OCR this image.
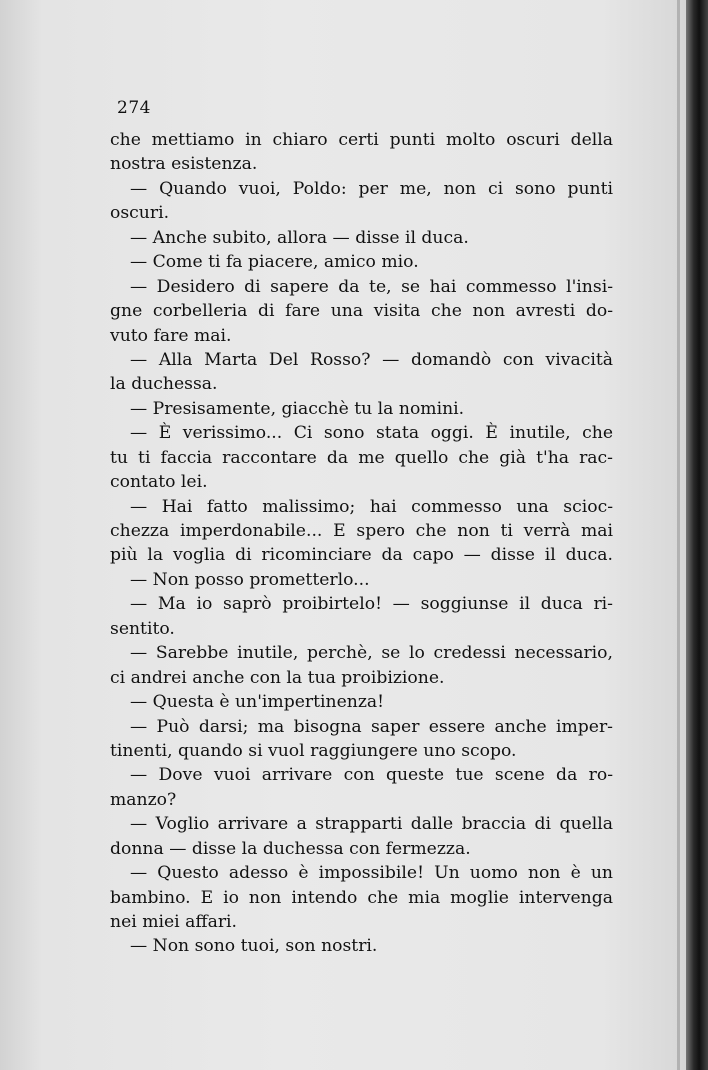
274
che mettiamo in chiaro certi punti molto oscuri della
nostra esistenza.
— Quando vuoi, Poldo: per me, non ci sono punti
oscuri.
— Anche subito, allora — disse il duca.
— Come ti fa piacere, amico mio.
— Desidero di sapere da te, se hai commesso l'insi-
gne corbelleria di fare una visita che non avresti do-
vuto fare mai.
— Alla Marta Del Rosso? — domandò con vivacità
la duchessa.
— Presisamente, giacchè tu la nomini.
— È verissimo... Ci sono stata oggi. È inutile, che
tu ti faccia raccontare da me quello che già t'ha rac-
contato lei.
— Hai fatto malissimo; hai commesso una scioc-
chezza imperdonabile... E spero che non ti verrà mai
più la voglia di ricominciare da capo — disse il duca.
— Non posso prometterlo...
— Ma io saprò proibirtelo! — soggiunse il duca ri-
sentito.
— Sarebbe inutile, perchè, se lo credessi necessario,
ci andrei anche con la tua proibizione.
— Questa è un'impertinenza!
— Può darsi; ma bisogna saper essere anche imper-
tinenti, quando si vuol raggiungere uno scopo.
— Dove vuoi arrivare con queste tue scene da ro-
manzo?
— Voglio arrivare a strapparti dalle braccia di quella
donna — disse la duchessa con fermezza.
— Questo adesso è impossibile! Un uomo non è un
bambino. E io non intendo che mia moglie intervenga
nei miei affari.
— Non sono tuoi, son nostri.
